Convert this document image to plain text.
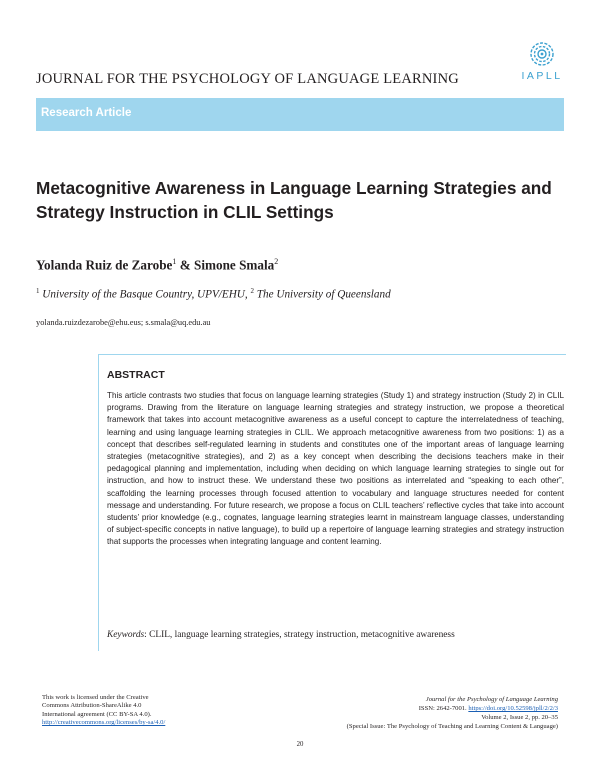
JOURNAL FOR THE PSYCHOLOGY OF LANGUAGE LEARNING	IAPLL
Research Article
Metacognitive Awareness in Language Learning Strategies and Strategy Instruction in CLIL Settings
Yolanda Ruiz de Zarobe$^1$ & Simone Smala$^2$
$^1$ University of the Basque Country, UPV/EHU, $^2$ The University of Queensland
yolanda.ruizdezarobe@ehu.eus; s.smala@uq.edu.au
ABSTRACT

This article contrasts two studies that focus on language learning strategies (Study 1) and strategy instruction (Study 2) in CLIL programs. Drawing from the literature on language learning strategies and strategy instruction, we propose a theoretical framework that takes into account metacognitive awareness as a useful concept to capture the interrelatedness of teaching, learning and using language learning strategies in CLIL. We approach metacognitive awareness from two positions: 1) as a concept that describes self-regulated learning in students and constitutes one of the important areas of language learning strategies (metacognitive strategies), and 2) as a key concept when describing the decisions teachers make in their pedagogical planning and implementation, including when deciding on which language learning strategies to single out for instruction, and how to instruct these. We understand these two positions as interrelated and “speaking to each other”, scaffolding the learning processes through focused attention to vocabulary and language structures needed for content message and understanding. For future research, we propose a focus on CLIL teachers’ reflective cycles that take into account students’ prior knowledge (e.g., cognates, language learning strategies learnt in mainstream language classes, understanding of subject-specific concepts in native language), to build up a repertoire of language learning strategies and strategy instruction that supports the processes when integrating language and content learning.

Keywords: CLIL, language learning strategies, strategy instruction, metacognitive awareness
This work is licensed under the Creative
Commons Attribution-ShareAlike 4.0
International agreement (CC BY-SA 4.0).
http://creativecommons.org/licenses/by-sa/4.0/
Journal for the Psychology of Language Learning
ISSN: 2642-7001. https://doi.org/10.52598/jpll/2/2/3
Volume 2, Issue 2, pp. 20–35
(Special Issue: The Psychology of Teaching and Learning Content & Language)
20
